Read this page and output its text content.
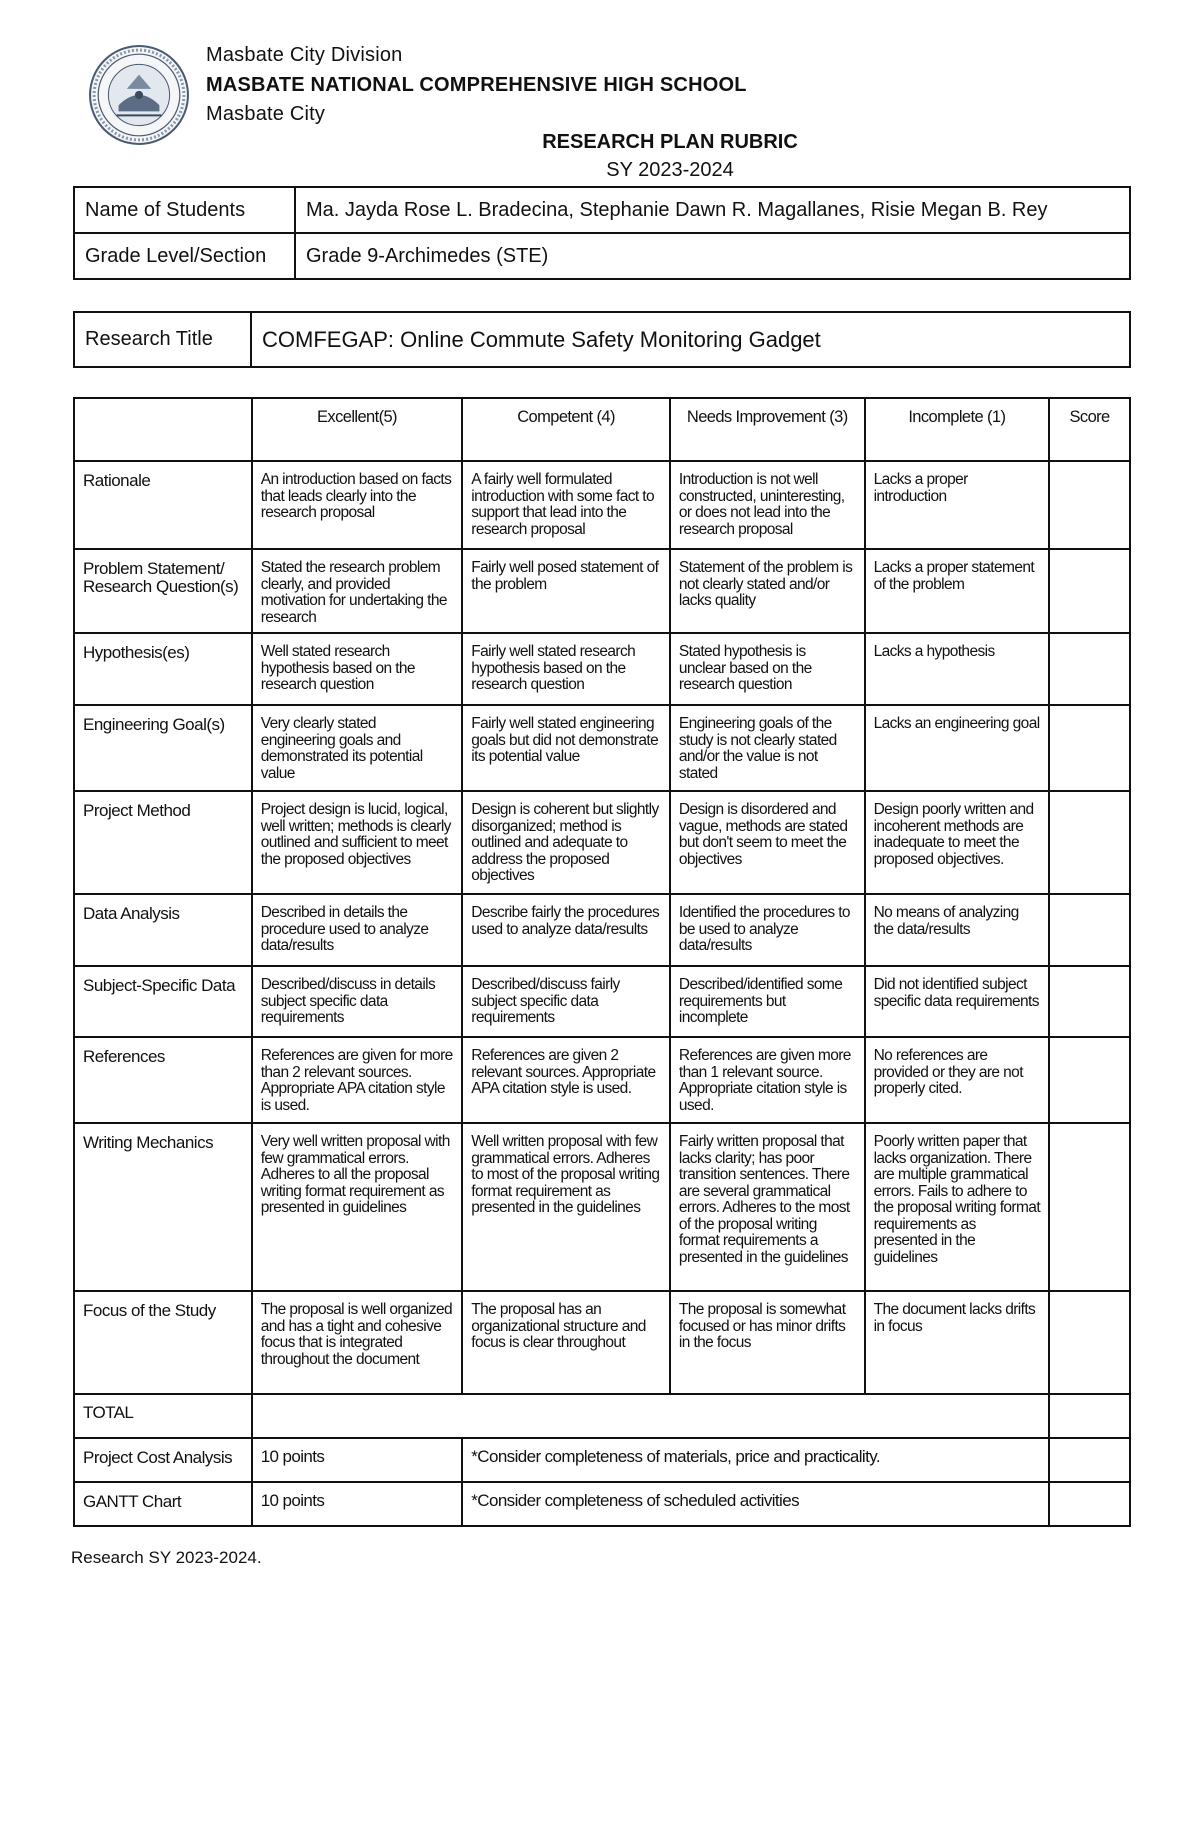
Masbate City Division
MASBATE NATIONAL COMPREHENSIVE HIGH SCHOOL
Masbate City
RESEARCH PLAN RUBRIC
SY 2023-2024
Name of Students	Ma. Jayda Rose L. Bradecina, Stephanie Dawn R. Magallanes, Risie Megan B. Rey
Grade Level/Section	Grade 9-Archimedes (STE)
Research Title	COMFEGAP: Online Commute Safety Monitoring Gadget
	Excellent(5)	Competent (4)	Needs Improvement (3)	Incomplete (1)	Score
Rationale	An introduction based on facts that leads clearly into the research proposal	A fairly well formulated introduction with some fact to support that lead into the research proposal	Introduction is not well constructed, uninteresting, or does not lead into the research proposal	Lacks a proper introduction	
Problem Statement/ Research Question(s)	Stated the research problem clearly, and provided motivation for undertaking the research	Fairly well posed statement of the problem	Statement of the problem is not clearly stated and/or lacks quality	Lacks a proper statement of the problem	
Hypothesis(es)	Well stated research hypothesis based on the research question	Fairly well stated research hypothesis based on the research question	Stated hypothesis is unclear based on the research question	Lacks a hypothesis	
Engineering Goal(s)	Very clearly stated engineering goals and demonstrated its potential value	Fairly well stated engineering goals but did not demonstrate its potential value	Engineering goals of the study is not clearly stated and/or the value is not stated	Lacks an engineering goal	
Project Method	Project design is lucid, logical, well written; methods is clearly outlined and sufficient to meet the proposed objectives	Design is coherent but slightly disorganized; method is outlined and adequate to address the proposed objectives	Design is disordered and vague, methods are stated but don't seem to meet the objectives	Design poorly written and incoherent methods are inadequate to meet the proposed objectives.	
Data Analysis	Described in details the procedure used to analyze data/results	Describe fairly the procedures used to analyze data/results	Identified the procedures to be used to analyze data/results	No means of analyzing the data/results	
Subject-Specific Data	Described/discuss in details subject specific data requirements	Described/discuss fairly subject specific data requirements	Described/identified some requirements but incomplete	Did not identified subject specific data requirements	
References	References are given for more than 2 relevant sources. Appropriate APA citation style is used.	References are given 2 relevant sources. Appropriate APA citation style is used.	References are given more than 1 relevant source. Appropriate citation style is used.	No references are provided or they are not properly cited.	
Writing Mechanics	Very well written proposal with few grammatical errors. Adheres to all the proposal writing format requirement as presented in guidelines	Well written proposal with few grammatical errors. Adheres to most of the proposal writing format requirement as presented in the guidelines	Fairly written proposal that lacks clarity; has poor transition sentences. There are several grammatical errors. Adheres to the most of the proposal writing format requirements a presented in the guidelines	Poorly written paper that lacks organization. There are multiple grammatical errors. Fails to adhere to the proposal writing format requirements as presented in the guidelines	
Focus of the Study	The proposal is well organized and has a tight and cohesive focus that is integrated throughout the document	The proposal has an organizational structure and focus is clear throughout	The proposal is somewhat focused or has minor drifts in the focus	The document lacks drifts in focus	
TOTAL					
Project Cost Analysis	10 points	*Consider completeness of materials, price and practicality.			
GANTT Chart	10 points	*Consider completeness of scheduled activities			
Research SY 2023-2024.
